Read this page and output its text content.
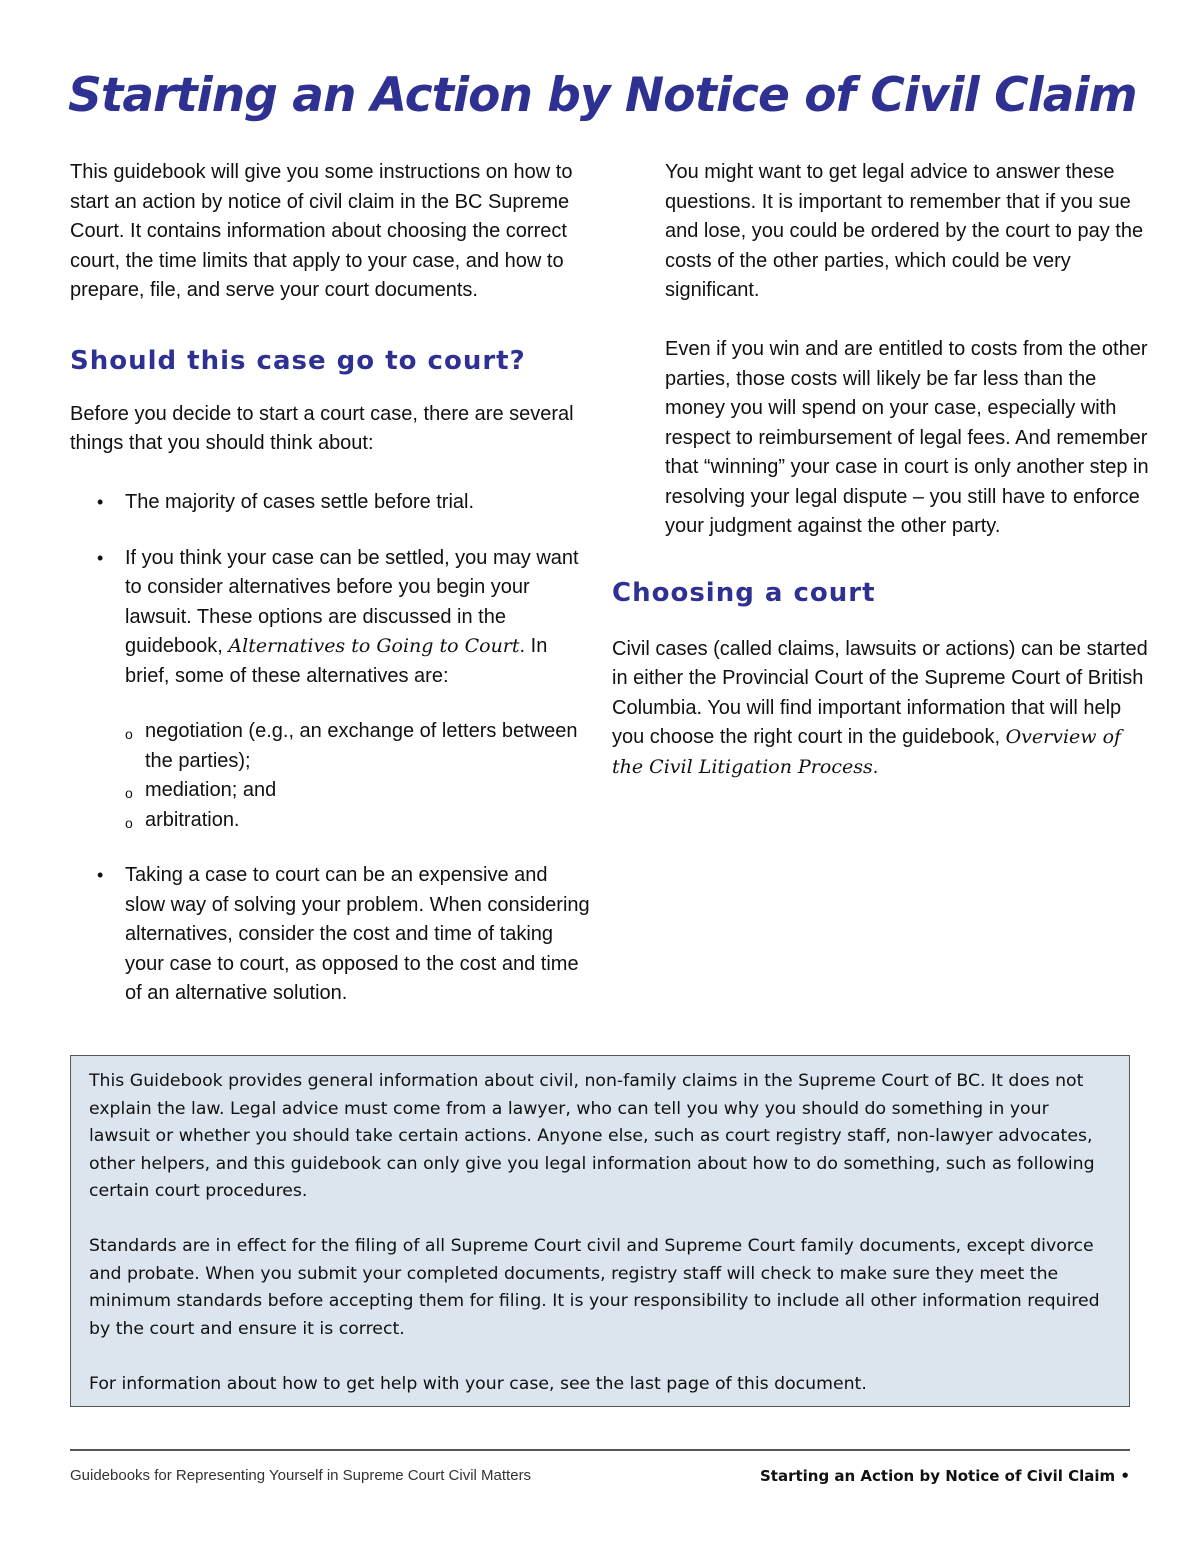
Starting an Action by Notice of Civil Claim

This guidebook will give you some instructions on how to start an action by notice of civil claim in the BC Supreme Court. It contains information about choosing the correct court, the time limits that apply to your case, and how to prepare, file, and serve your court documents.

Should this case go to court?

Before you decide to start a court case, there are several things that you should think about:

• The majority of cases settle before trial.
• If you think your case can be settled, you may want to consider alternatives before you begin your lawsuit. These options are discussed in the guidebook, Alternatives to Going to Court. In brief, some of these alternatives are:
o negotiation (e.g., an exchange of letters between the parties);
o mediation; and
o arbitration.
• Taking a case to court can be an expensive and slow way of solving your problem. When considering alternatives, consider the cost and time of taking your case to court, as opposed to the cost and time of an alternative solution.

You might want to get legal advice to answer these questions. It is important to remember that if you sue and lose, you could be ordered by the court to pay the costs of the other parties, which could be very significant.

Even if you win and are entitled to costs from the other parties, those costs will likely be far less than the money you will spend on your case, especially with respect to reimbursement of legal fees. And remember that “winning” your case in court is only another step in resolving your legal dispute – you still have to enforce your judgment against the other party.

Choosing a court

Civil cases (called claims, lawsuits or actions) can be started in either the Provincial Court of the Supreme Court of British Columbia. You will find important information that will help you choose the right court in the guidebook, Overview of the Civil Litigation Process.

This Guidebook provides general information about civil, non-family claims in the Supreme Court of BC. It does not explain the law. Legal advice must come from a lawyer, who can tell you why you should do something in your lawsuit or whether you should take certain actions. Anyone else, such as court registry staff, non-lawyer advocates, other helpers, and this guidebook can only give you legal information about how to do something, such as following certain court procedures.

Standards are in effect for the filing of all Supreme Court civil and Supreme Court family documents, except divorce and probate. When you submit your completed documents, registry staff will check to make sure they meet the minimum standards before accepting them for filing. It is your responsibility to include all other information required by the court and ensure it is correct.

For information about how to get help with your case, see the last page of this document.

Guidebooks for Representing Yourself in Supreme Court Civil Matters	Starting an Action by Notice of Civil Claim •
